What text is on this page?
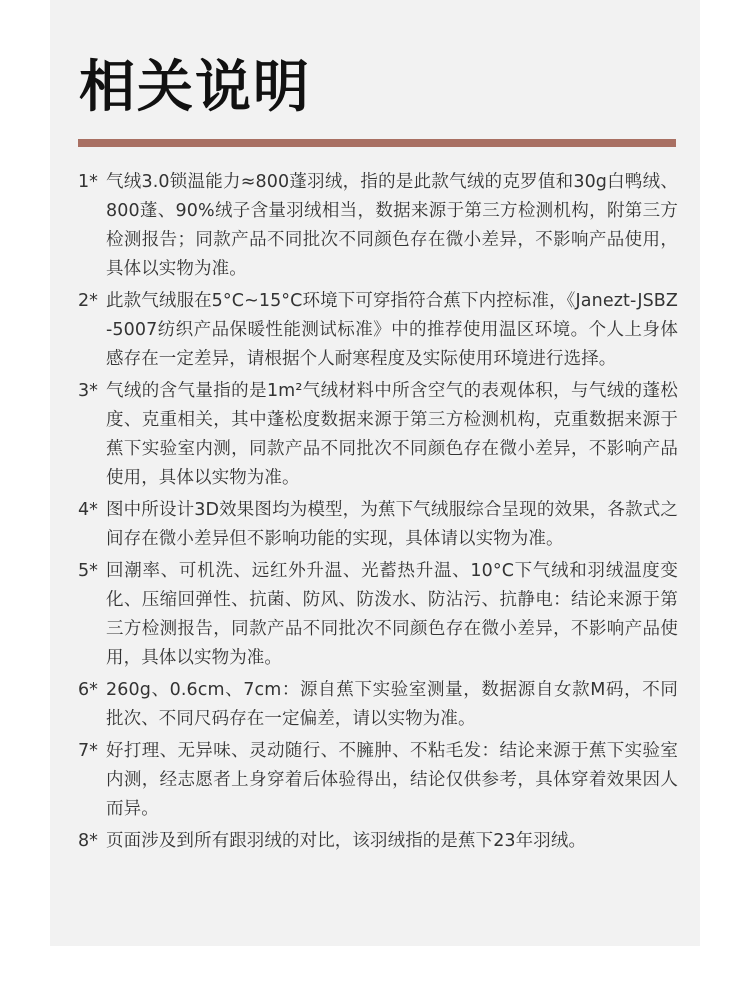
相关说明
1* 气绒3.0锁温能力≈800蓬羽绒，指的是此款气绒的克罗值和30g白鸭绒、800蓬、90%绒子含量羽绒相当，数据来源于第三方检测机构，附第三方检测报告；同款产品不同批次不同颜色存在微小差异，不影响产品使用，具体以实物为准。
2* 此款气绒服在5°C~15°C环境下可穿指符合蕉下内控标准，《Janezt-JSBZ-5007纺织产品保暖性能测试标准》中的推荐使用温区环境。个人上身体感存在一定差异，请根据个人耐寒程度及实际使用环境进行选择。
3* 气绒的含气量指的是1m²气绒材料中所含空气的表观体积，与气绒的蓬松度、克重相关，其中蓬松度数据来源于第三方检测机构，克重数据来源于蕉下实验室内测，同款产品不同批次不同颜色存在微小差异，不影响产品使用，具体以实物为准。
4* 图中所设计3D效果图均为模型，为蕉下气绒服综合呈现的效果，各款式之间存在微小差异但不影响功能的实现，具体请以实物为准。
5* 回潮率、可机洗、远红外升温、光蓄热升温、10°C下气绒和羽绒温度变化、压缩回弹性、抗菌、防风、防泼水、防沾污、抗静电：结论来源于第三方检测报告，同款产品不同批次不同颜色存在微小差异，不影响产品使用，具体以实物为准。
6* 260g、0.6cm、7cm：源自蕉下实验室测量，数据源自女款M码，不同批次、不同尺码存在一定偏差，请以实物为准。
7* 好打理、无异味、灵动随行、不臃肿、不粘毛发：结论来源于蕉下实验室内测，经志愿者上身穿着后体验得出，结论仅供参考，具体穿着效果因人而异。
8* 页面涉及到所有跟羽绒的对比，该羽绒指的是蕉下23年羽绒。
